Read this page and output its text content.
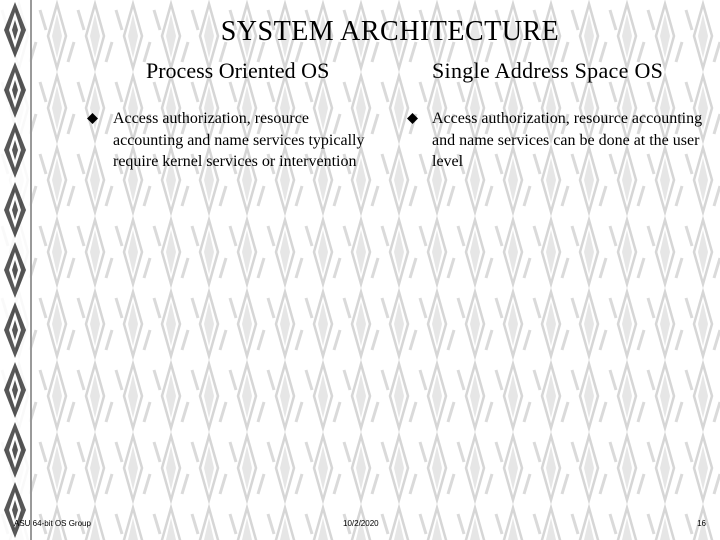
SYSTEM ARCHITECTURE
Process Oriented OS	Single Address Space OS
Access authorization, resource accounting and name services typically require kernel services or intervention
Access authorization, resource accounting and name services can be done at the user level
ASU 64-bit OS Group	10/2/2020	16
